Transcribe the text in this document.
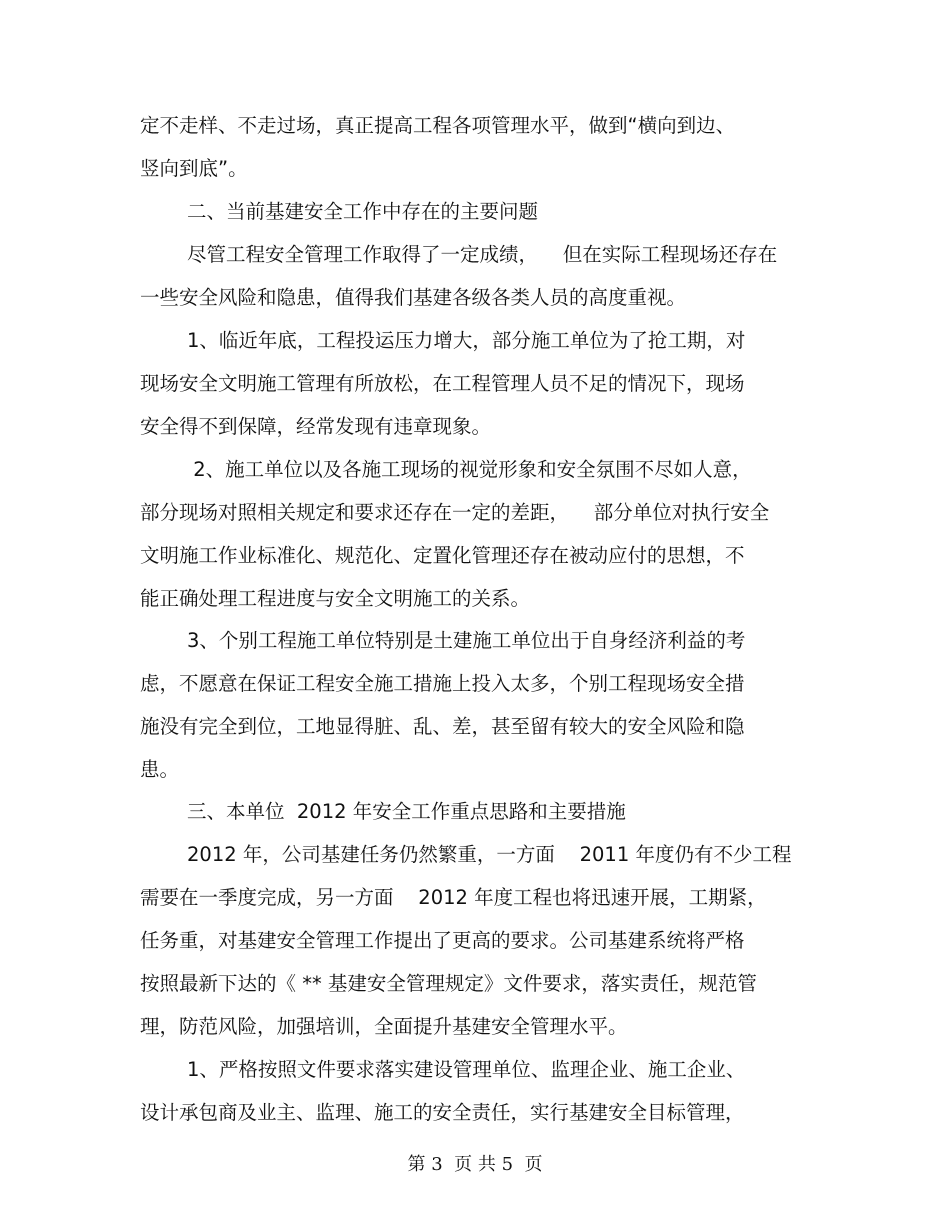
定不走样、不走过场，真正提高工程各项管理水平，做到“横向到边、

竖向到底”。

二、当前基建安全工作中存在的主要问题

尽管工程安全管理工作取得了一定成绩，    但在实际工程现场还存在

一些安全风险和隐患，值得我们基建各级各类人员的高度重视。

1、临近年底，工程投运压力增大，部分施工单位为了抢工期，对

现场安全文明施工管理有所放松，在工程管理人员不足的情况下，现场

安全得不到保障，经常发现有违章现象。

2、施工单位以及各施工现场的视觉形象和安全氛围不尽如人意，

部分现场对照相关规定和要求还存在一定的差距，    部分单位对执行安全

文明施工作业标准化、规范化、定置化管理还存在被动应付的思想，不

能正确处理工程进度与安全文明施工的关系。

3、个别工程施工单位特别是土建施工单位出于自身经济利益的考

虑，不愿意在保证工程安全施工措施上投入太多，个别工程现场安全措

施没有完全到位，工地显得脏、乱、差，甚至留有较大的安全风险和隐

患。

三、本单位  2012 年安全工作重点思路和主要措施

2012 年，公司基建任务仍然繁重，一方面    2011 年度仍有不少工程

需要在一季度完成，另一方面    2012 年度工程也将迅速开展，工期紧，

任务重，对基建安全管理工作提出了更高的要求。公司基建系统将严格

按照最新下达的《 ** 基建安全管理规定》文件要求，落实责任，规范管

理，防范风险，加强培训，全面提升基建安全管理水平。

1、严格按照文件要求落实建设管理单位、监理企业、施工企业、

设计承包商及业主、监理、施工的安全责任，实行基建安全目标管理，

第 3  页 共 5  页
